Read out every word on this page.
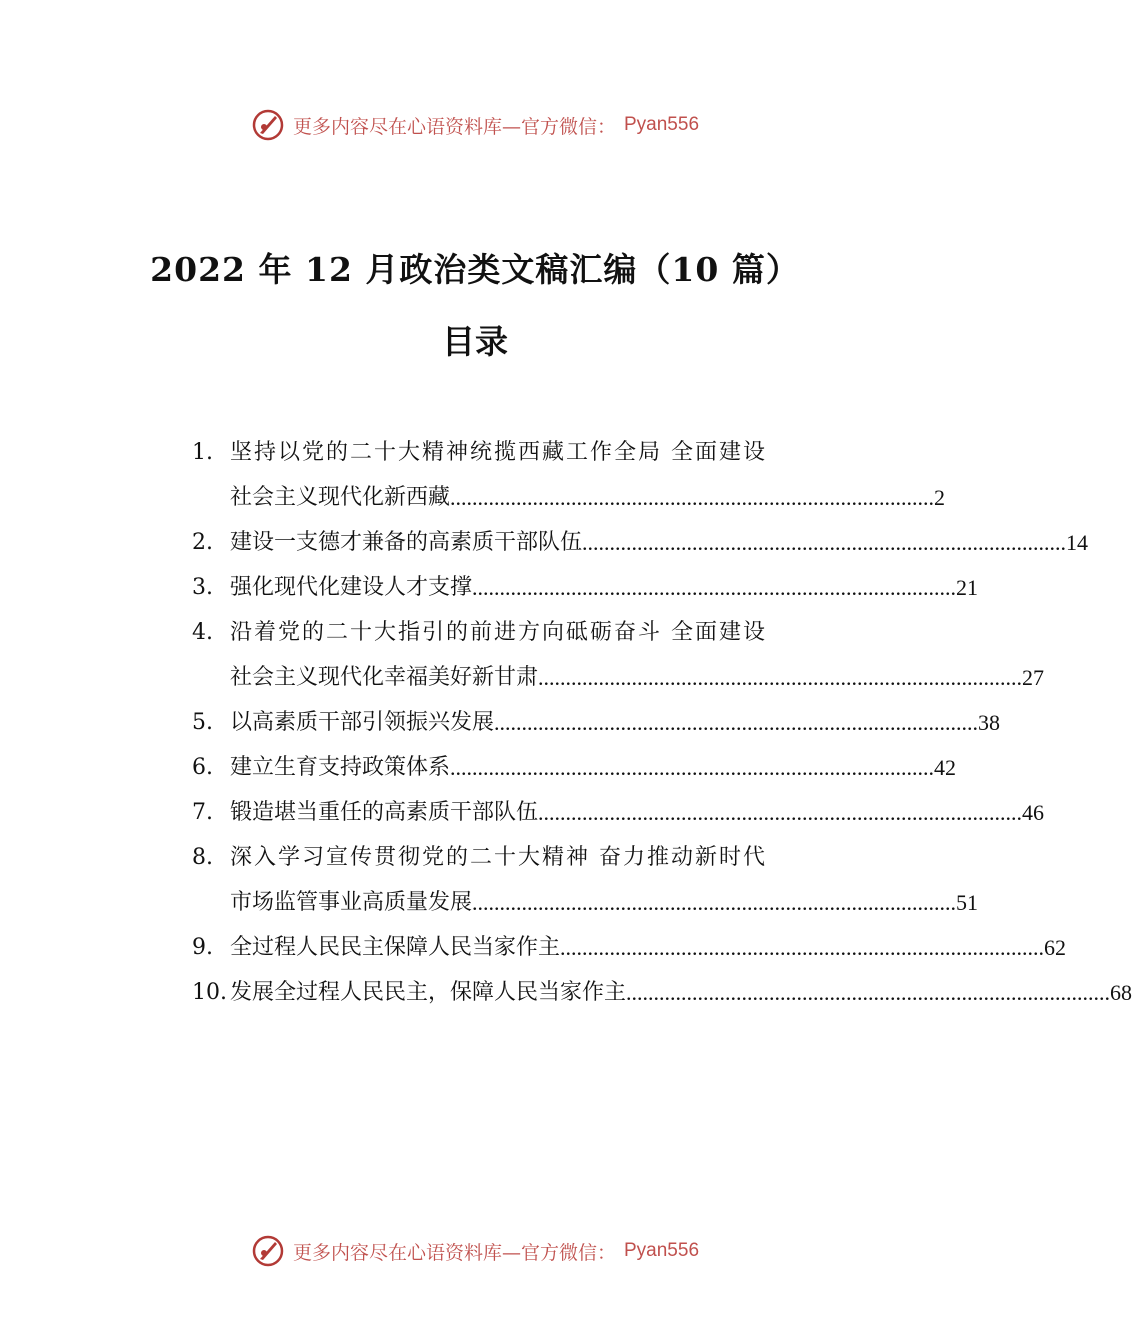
更多内容尽在心语资料库—官方微信： Pyan556
2022 年 12 月政治类文稿汇编（10 篇）
目录
1. 坚持以党的二十大精神统揽西藏工作全局 全面建设
社会主义现代化新西藏 ........................................................................................ 2
2. 建设一支德才兼备的高素质干部队伍 ........................................................................................ 14
3. 强化现代化建设人才支撑 ........................................................................................ 21
4. 沿着党的二十大指引的前进方向砥砺奋斗 全面建设
社会主义现代化幸福美好新甘肃 ........................................................................................ 27
5. 以高素质干部引领振兴发展 ........................................................................................ 38
6. 建立生育支持政策体系 ........................................................................................ 42
7. 锻造堪当重任的高素质干部队伍 ........................................................................................ 46
8. 深入学习宣传贯彻党的二十大精神 奋力推动新时代
市场监管事业高质量发展 ........................................................................................ 51
9. 全过程人民民主保障人民当家作主 ........................................................................................ 62
10. 发展全过程人民民主，保障人民当家作主 ........................................................................................ 68
更多内容尽在心语资料库—官方微信： Pyan556
